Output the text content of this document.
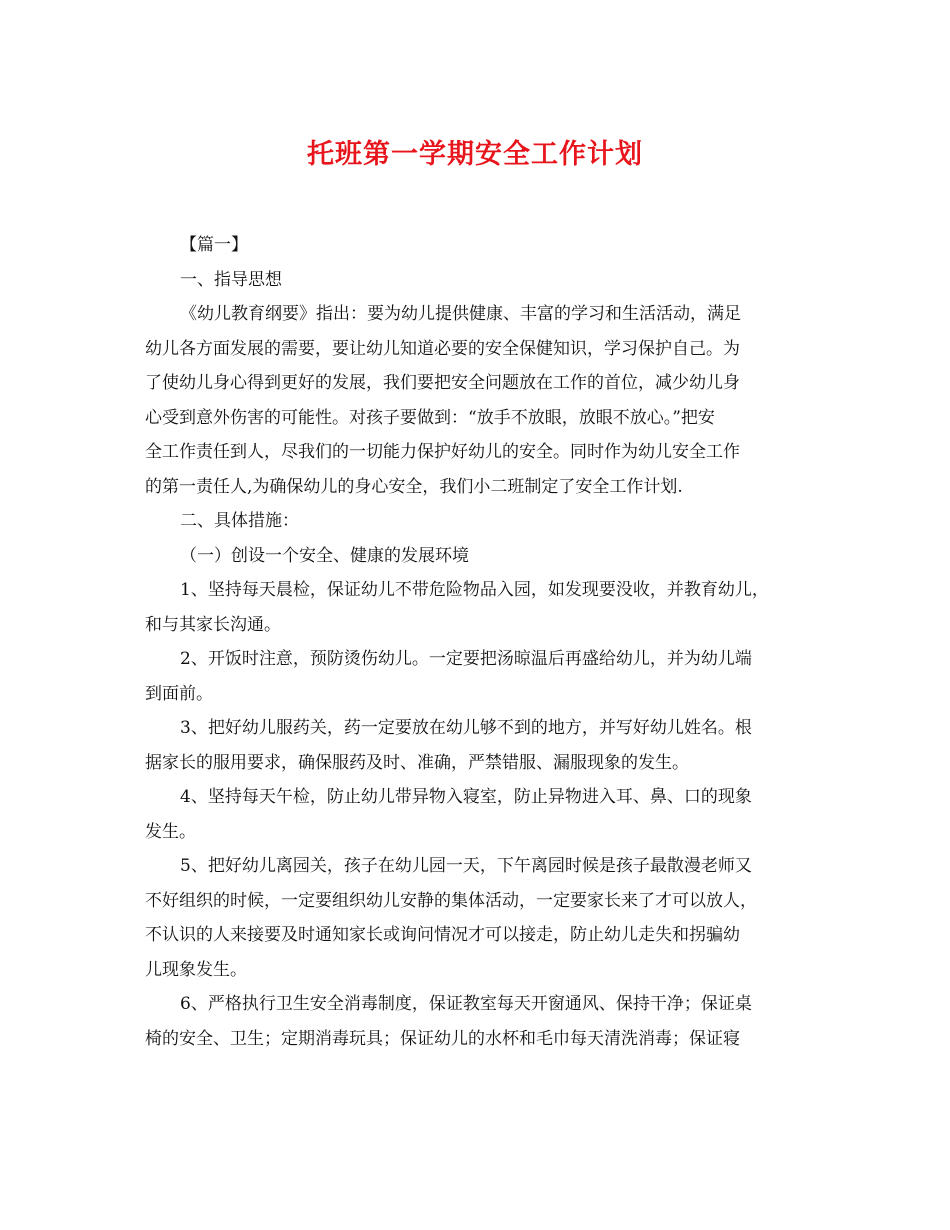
托班第一学期安全工作计划
【篇一】
一、指导思想
《幼儿教育纲要》指出：要为幼儿提供健康、丰富的学习和生活活动，满足
幼儿各方面发展的需要，要让幼儿知道必要的安全保健知识，学习保护自己。为
了使幼儿身心得到更好的发展，我们要把安全问题放在工作的首位，减少幼儿身
心受到意外伤害的可能性。对孩子要做到：“放手不放眼，放眼不放心。”把安
全工作责任到人，尽我们的一切能力保护好幼儿的安全。同时作为幼儿安全工作
的第一责任人,为确保幼儿的身心安全，我们小二班制定了安全工作计划.
二、具体措施：
（一）创设一个安全、健康的发展环境
1、坚持每天晨检，保证幼儿不带危险物品入园，如发现要没收，并教育幼儿，
和与其家长沟通。
2、开饭时注意，预防烫伤幼儿。一定要把汤晾温后再盛给幼儿，并为幼儿端
到面前。
3、把好幼儿服药关，药一定要放在幼儿够不到的地方，并写好幼儿姓名。根
据家长的服用要求，确保服药及时、准确，严禁错服、漏服现象的发生。
4、坚持每天午检，防止幼儿带异物入寝室，防止异物进入耳、鼻、口的现象
发生。
5、把好幼儿离园关，孩子在幼儿园一天，下午离园时候是孩子最散漫老师又
不好组织的时候，一定要组织幼儿安静的集体活动，一定要家长来了才可以放人，
不认识的人来接要及时通知家长或询问情况才可以接走，防止幼儿走失和拐骗幼
儿现象发生。
6、严格执行卫生安全消毒制度，保证教室每天开窗通风、保持干净；保证桌
椅的安全、卫生；定期消毒玩具；保证幼儿的水杯和毛巾每天清洗消毒；保证寝
